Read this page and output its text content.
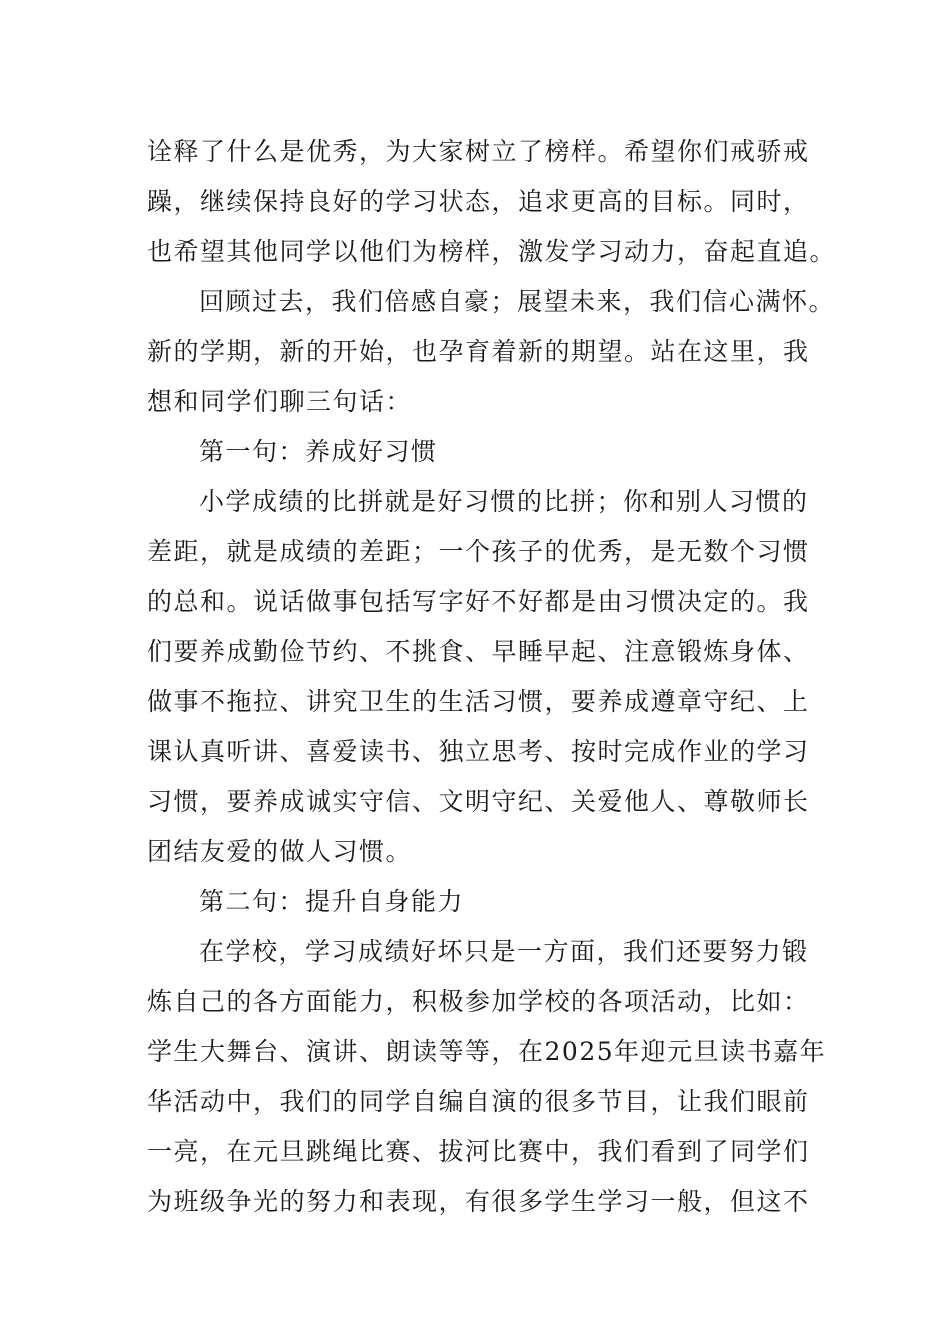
诠释了什么是优秀，为大家树立了榜样。希望你们戒骄戒
躁，继续保持良好的学习状态，追求更高的目标。同时，
也希望其他同学以他们为榜样，激发学习动力，奋起直追。
回顾过去，我们倍感自豪；展望未来，我们信心满怀。
新的学期，新的开始，也孕育着新的期望。站在这里，我
想和同学们聊三句话：
第一句：养成好习惯
小学成绩的比拼就是好习惯的比拼；你和别人习惯的
差距，就是成绩的差距；一个孩子的优秀，是无数个习惯
的总和。说话做事包括写字好不好都是由习惯决定的。我
们要养成勤俭节约、不挑食、早睡早起、注意锻炼身体、
做事不拖拉、讲究卫生的生活习惯，要养成遵章守纪、上
课认真听讲、喜爱读书、独立思考、按时完成作业的学习
习惯，要养成诚实守信、文明守纪、关爱他人、尊敬师长
团结友爱的做人习惯。
第二句：提升自身能力
在学校，学习成绩好坏只是一方面，我们还要努力锻
炼自己的各方面能力，积极参加学校的各项活动，比如：
学生大舞台、演讲、朗读等等，在2025年迎元旦读书嘉年
华活动中，我们的同学自编自演的很多节目，让我们眼前
一亮，在元旦跳绳比赛、拔河比赛中，我们看到了同学们
为班级争光的努力和表现，有很多学生学习一般，但这不
